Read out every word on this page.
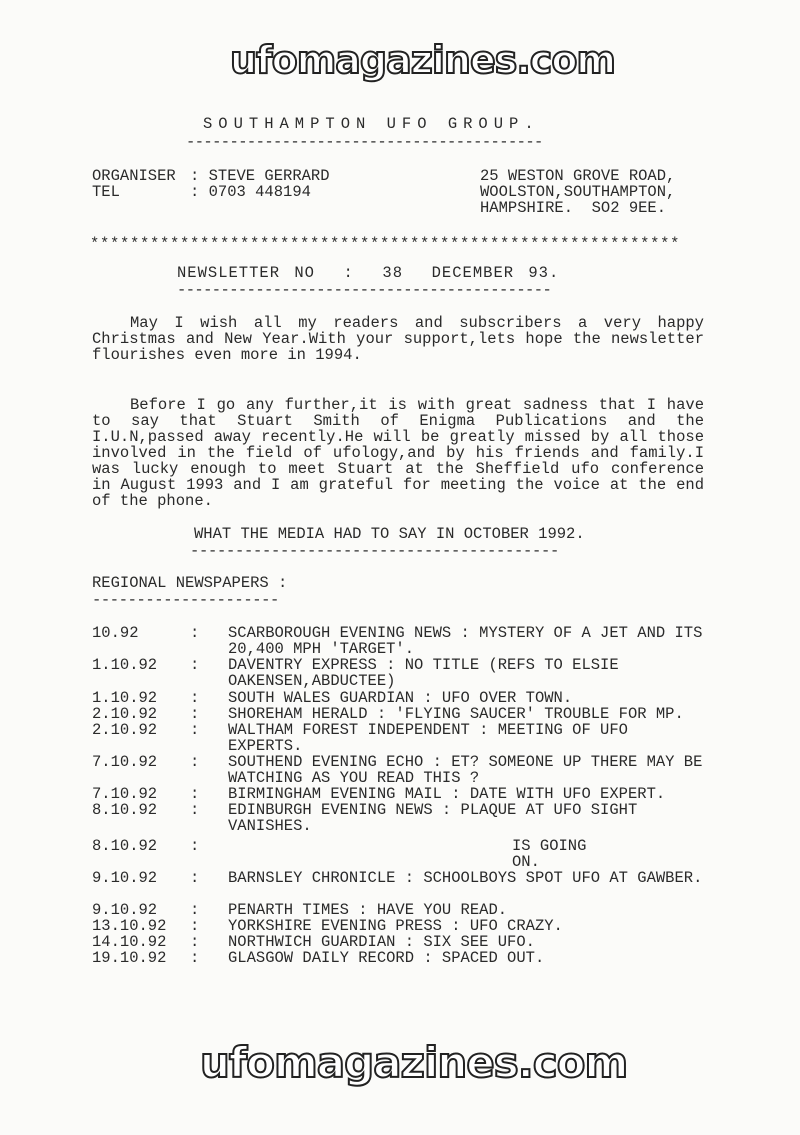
SOUTHAMPTON UFO GROUP.
-----------------------------------------
ORGANISER : STEVE GERRARD
TEL	: 0703 448194
25 WESTON GROVE ROAD,
WOOLSTON,SOUTHAMPTON,
HAMPSHIRE.  SO2 9EE.
***********************************************************
NEWSLETTER NO  :  38  DECEMBER 93.
-------------------------------------------

May I wish all my readers and subscribers a very happy Christmas and New Year.With your support,lets hope the newsletter flourishes even more in 1994.

Before I go any further,it is with great sadness that I have to say that Stuart Smith of Enigma Publications and the I.U.N,passed away recently.He will be greatly missed by all those involved in the field of ufology,and by his friends and family.I was lucky enough to meet Stuart at the Sheffield ufo conference in August 1993 and I am grateful for meeting the voice at the end of the phone.

WHAT THE MEDIA HAD TO SAY IN OCTOBER 1992.
-----------------------------------------
REGIONAL NEWSPAPERS :
---------------------
10.92	: SCARBOROUGH EVENING NEWS : MYSTERY OF A JET AND ITS 20,400 MPH 'TARGET'.
1.10.92 : DAVENTRY EXPRESS : NO TITLE (REFS TO ELSIE OAKENSEN,ABDUCTEE)
1.10.92 : SOUTH WALES GUARDIAN : UFO OVER TOWN.
2.10.92 : SHOREHAM HERALD : 'FLYING SAUCER' TROUBLE FOR MP.
2.10.92 : WALTHAM FOREST INDEPENDENT : MEETING OF UFO EXPERTS.
7.10.92 : SOUTHEND EVENING ECHO : ET? SOMEONE UP THERE MAY BE WATCHING AS YOU READ THIS ?
7.10.92 : BIRMINGHAM EVENING MAIL : DATE WITH UFO EXPERT.
8.10.92 : EDINBURGH EVENING NEWS : PLAQUE AT UFO SIGHT VANISHES.
8.10.92 :	IS GOING ON.
9.10.92 : BARNSLEY CHRONICLE : SCHOOLBOYS SPOT UFO AT GAWBER.
9.10.92 : PENARTH TIMES : HAVE YOU READ.
13.10.92 : YORKSHIRE EVENING PRESS : UFO CRAZY.
14.10.92 : NORTHWICH GUARDIAN : SIX SEE UFO.
19.10.92 : GLASGOW DAILY RECORD : SPACED OUT.
ufomagazines.com
ufomagazines.com
